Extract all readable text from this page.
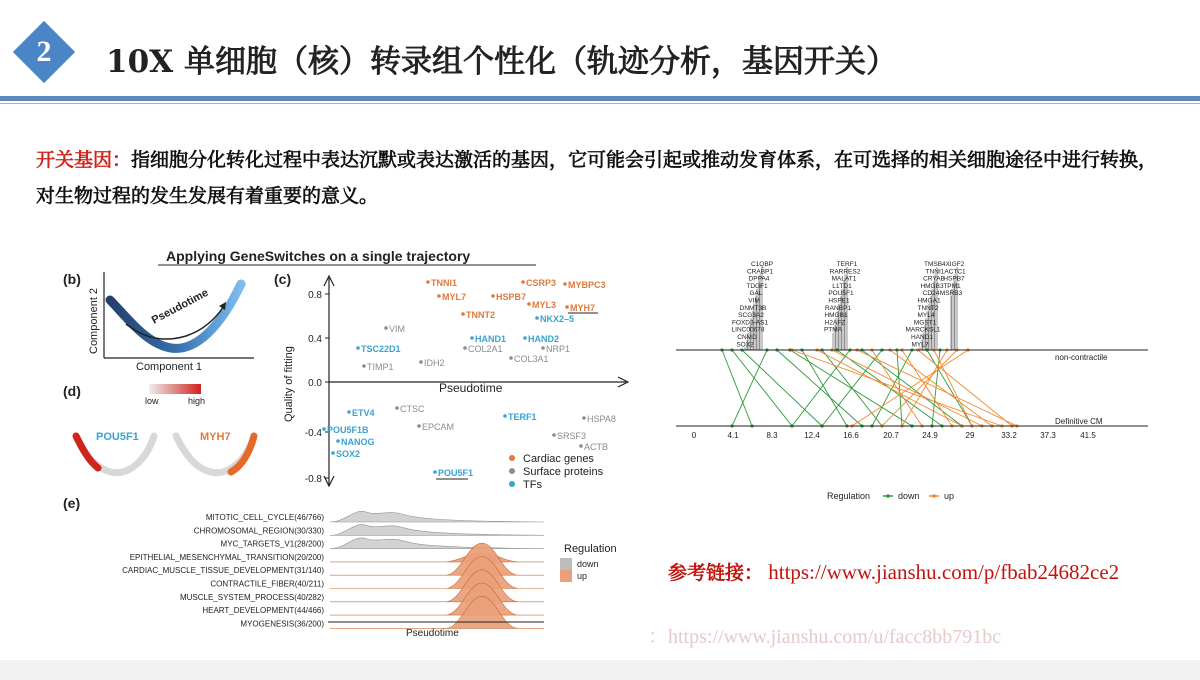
2	10X 单细胞（核）转录组个性化（轨迹分析，基因开关）
开关基因：指细胞分化转化过程中表达沉默或表达激活的基因，它可能会引起或推动发育体系，在可选择的相关细胞途径中进行转换，对生物过程的发生发展有着重要的意义。
Applying GeneSwitches on a single trajectory
(b)
Component 2
Component 1
Pseudotime
(d)
low	high
POU5F1	MYH7
(c)
Quality of fitting	Pseudotime
0.8
0.4
0.0
-0.4
-0.8
TNNI1
MYL7
CSRP3 MYBPC3
HSPB7
MYL3
TNNT2
MYH7
NKX2–5
HAND1 HAND2
TSC22D1
ETV4
POU5F1B
NANOG
SOX2
TERF1
POU5F1
VIM
TIMP1	IDH2
COL2A1	NRP1
COL3A1
CTSC
EPCAM
HSPA8
SRSF3
ACTB
Cardiac genes
Surface proteins
TFs
(e)
MITOTIC_CELL_CYCLE(46/766)
CHROMOSOMAL_REGION(30/330)
MYC_TARGETS_V1(28/200)
EPITHELIAL_MESENCHYMAL_TRANSITION(20/200)
CARDIAC_MUSCLE_TISSUE_DEVELOPMENT(31/140)
CONTRACTILE_FIBER(40/211)
MUSCLE_SYSTEM_PROCESS(40/282)
HEART_DEVELOPMENT(44/466)
MYOGENESIS(36/200)
Pseudotime
Regulation
down
up
C1QBP
CRABP1
DPPA4
TDGF1
GAL
VIM
DNMT3B
SCG3A2
FOXD3-AS1
LINC00678
CNMD
SOX2
TERF1
RARRES2
MALAT1
L1TD1
POU5F1
HSPE1
RANBP1
HMGB1
H2AFZ
PTMA
TMSB4X
TNNI1
CRYAB
HMGB3
CD24
HMGA1
TNNT2
MYL4
MGST1
MARCKSL1
HAND1
MYL7
IGF2
ACTC1
HSPB7
TPM1
MSRB3
non-contractile
Definitive CM
0	4.1	8.3	12.4	16.6	20.7	24.9	29	33.2	37.3	41.5
Regulation	down	up
参考链接： https://www.jianshu.com/p/fbab24682ce2
：https://www.jianshu.com/u/facc8bb791bc
